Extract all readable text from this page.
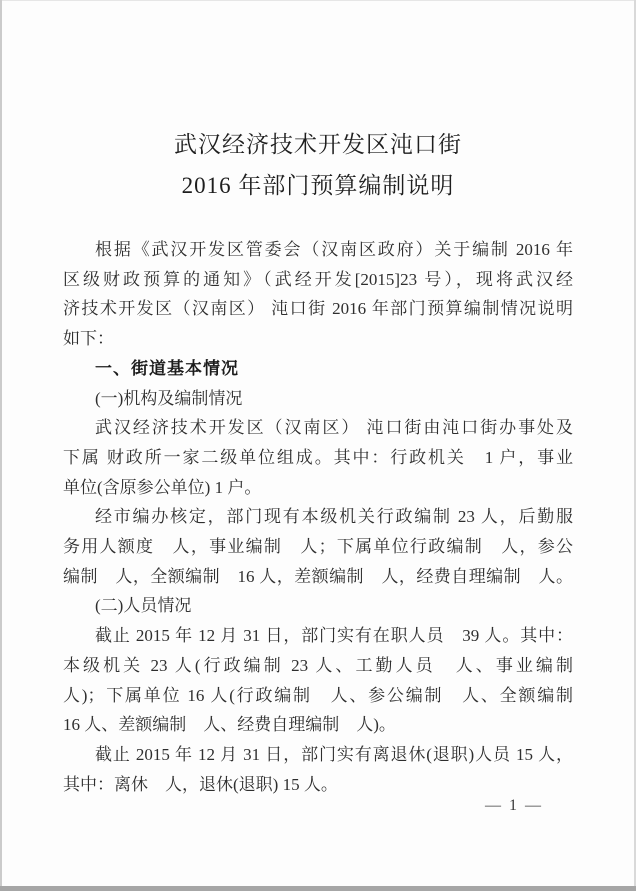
武汉经济技术开发区沌口街
2016 年部门预算编制说明
根据《武汉开发区管委会（汉南区政府）关于编制 2016 年
区级财政预算的通知》（武经开发[2015]23 号），现将武汉经
济技术开发区（汉南区） 沌口街 2016 年部门预算编制情况说明
如下：
一、街道基本情况
(一)机构及编制情况
武汉经济技术开发区（汉南区） 沌口街由沌口街办事处及
下属 财政所一家二级单位组成。其中：行政机关　1 户，事业
单位(含原参公单位) 1 户。
经市编办核定，部门现有本级机关行政编制 23 人，后勤服
务用人额度　人，事业编制　人；下属单位行政编制　人，参公
编制　人，全额编制　16 人，差额编制　人，经费自理编制　人。
(二)人员情况
截止 2015 年 12 月 31 日，部门实有在职人员　39 人。其中：
本级机关 23 人(行政编制 23 人、工勤人员　人、事业编制
人)；下属单位 16 人(行政编制　人、参公编制　人、全额编制
16 人、差额编制　人、经费自理编制　人)。
截止 2015 年 12 月 31 日，部门实有离退休(退职)人员 15 人，
其中：离休　人，退休(退职) 15 人。
— 1 —
